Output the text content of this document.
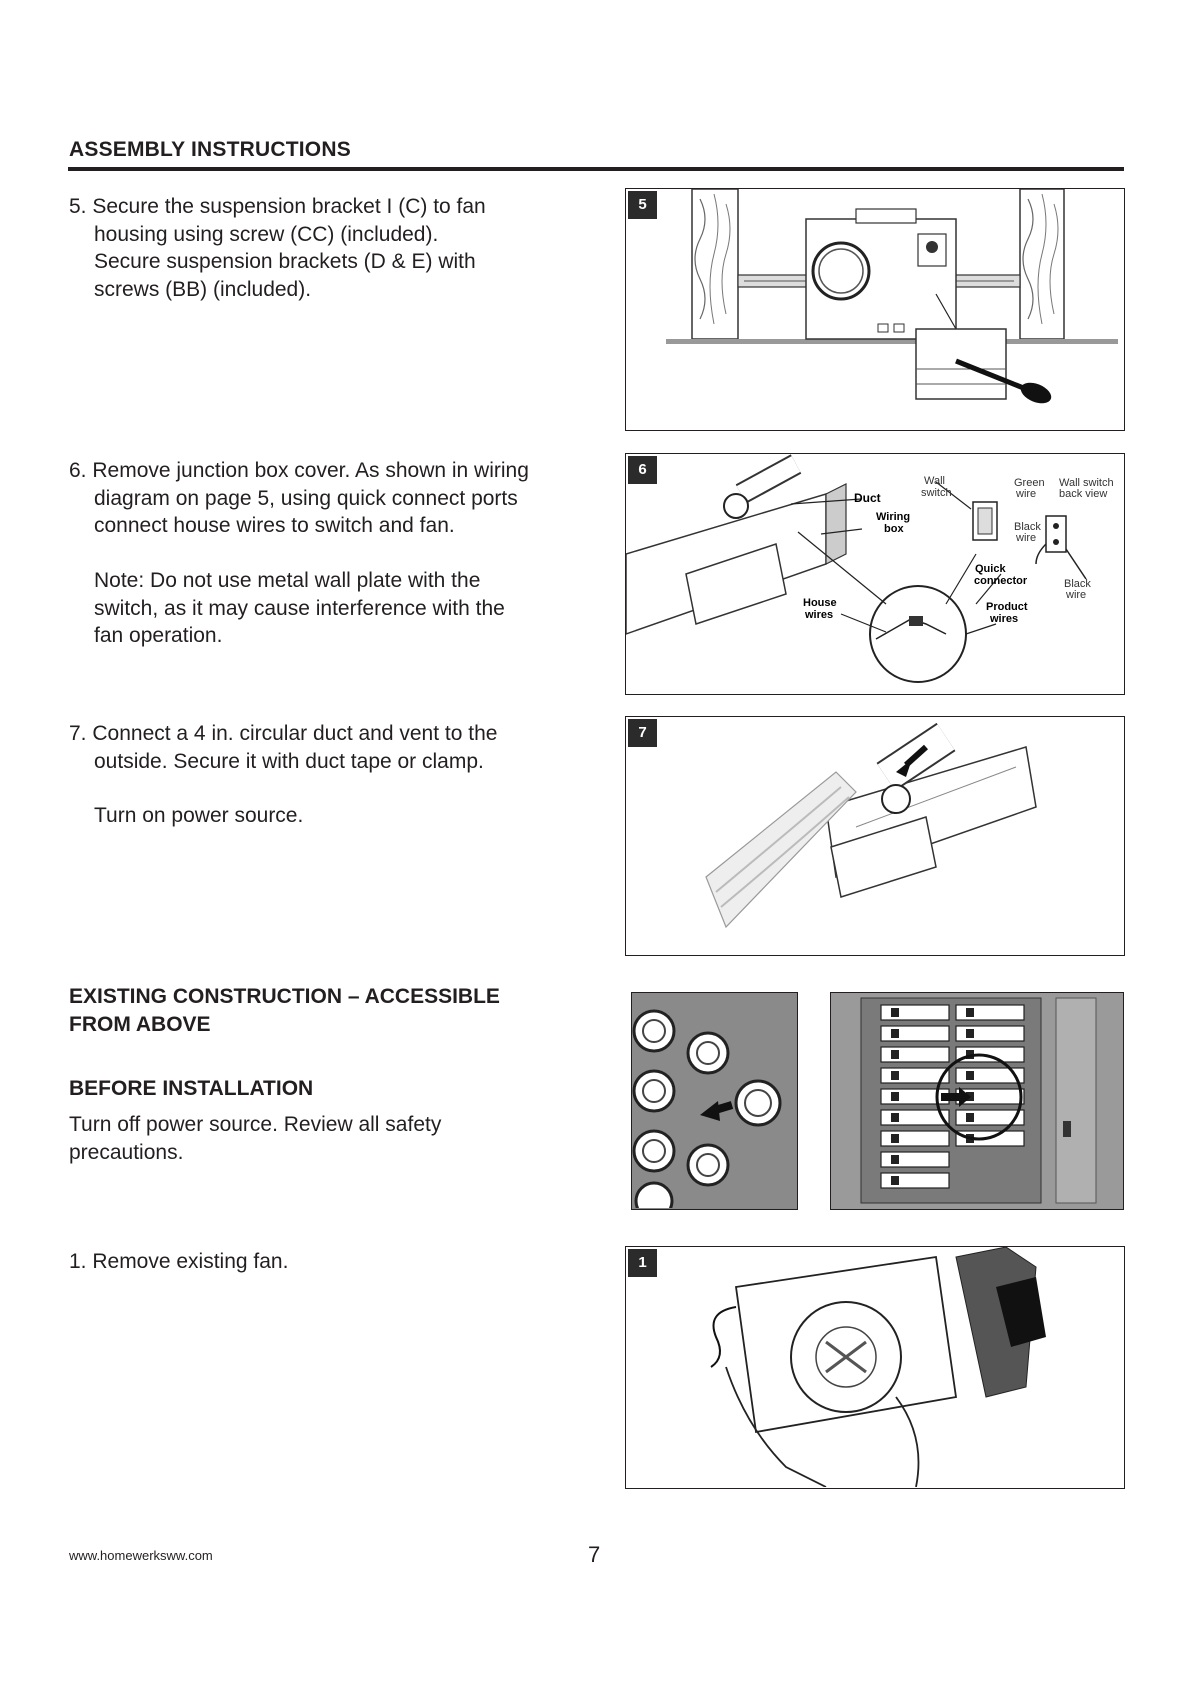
ASSEMBLY INSTRUCTIONS
5. Secure the suspension bracket I (C) to fan
housing using screw (CC) (included).
Secure suspension brackets (D & E) with
screws (BB) (included).
5
6. Remove junction box cover. As shown in wiring
diagram on page 5, using quick connect ports
connect house wires to switch and fan.
Note: Do not use metal wall plate with the
switch, as it may cause interference with the
fan operation.
6
Duct
Wiring
box
Wall
switch
Green
wire
Wall switch
back view
Black
wire
Quick
connector	Black
wire
House
wires
Product
wires
7. Connect a 4 in. circular duct and vent to the
outside. Secure it with duct tape or clamp.
Turn on power source.
7
EXISTING CONSTRUCTION – ACCESSIBLE
FROM ABOVE
BEFORE INSTALLATION
Turn off power source. Review all safety
precautions.
1. Remove existing fan.	1
www.homewerksww.com	7
